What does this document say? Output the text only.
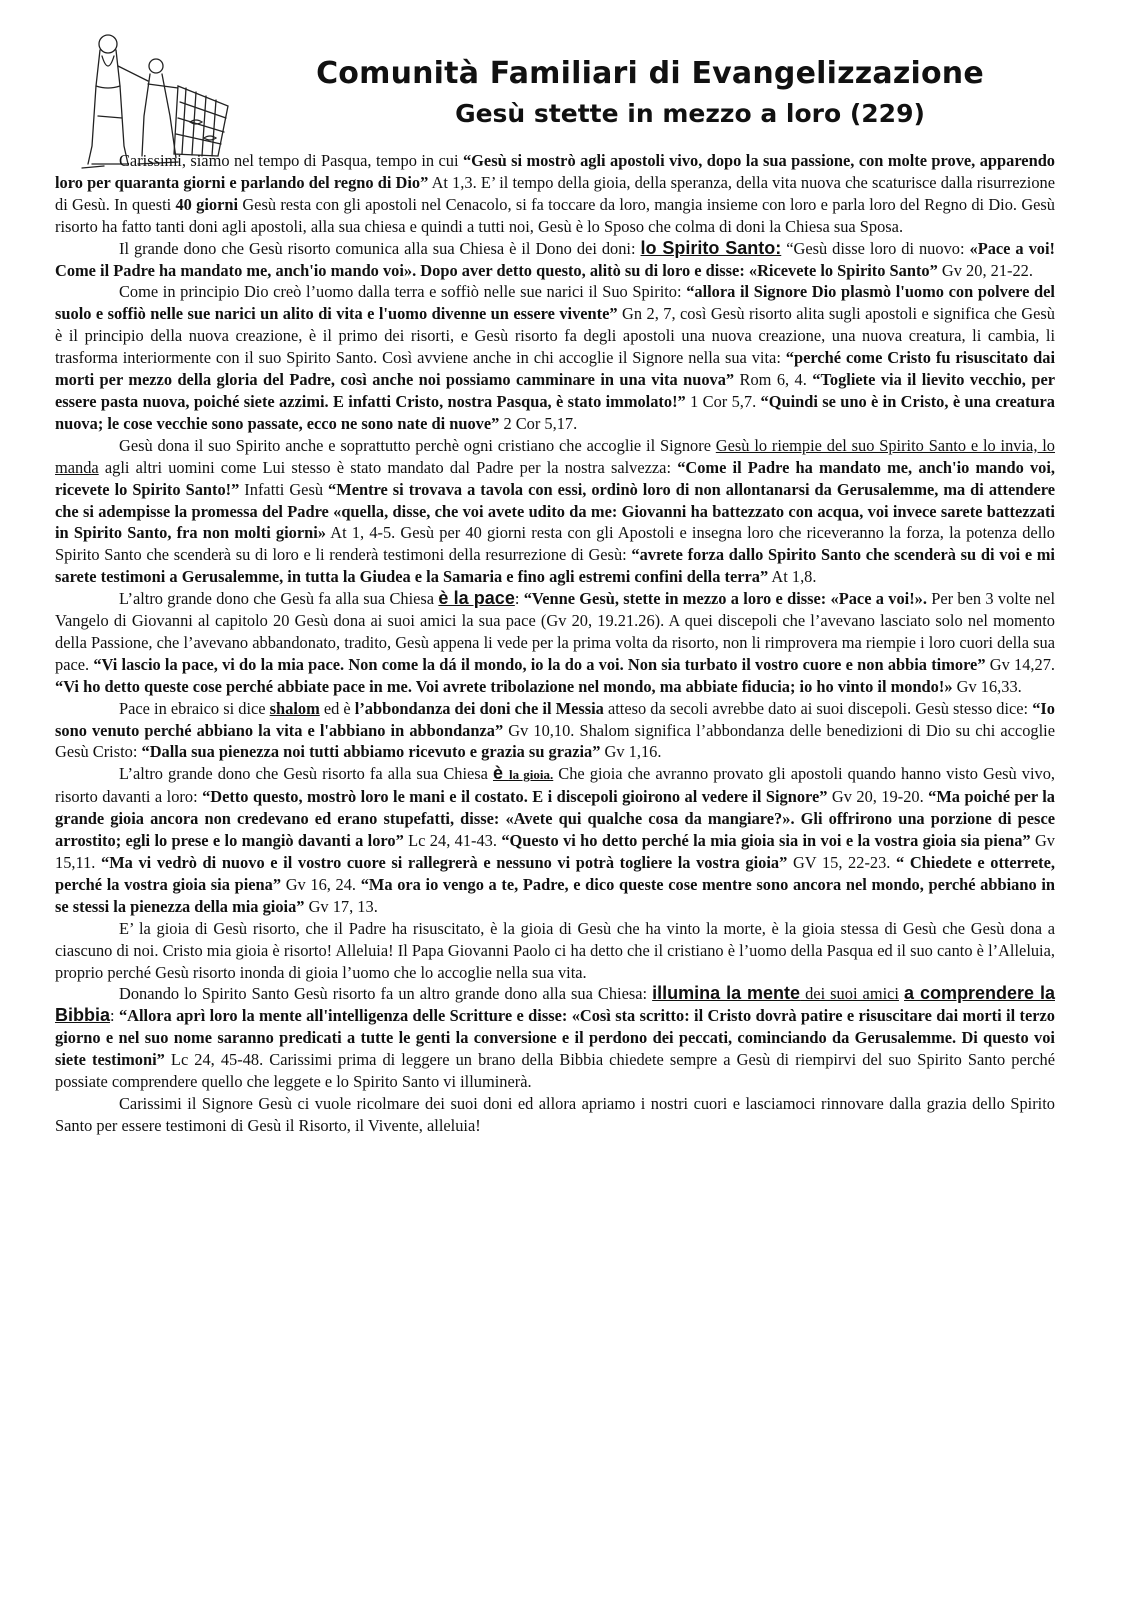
Comunità Familiari di Evangelizzazione
Gesù stette in mezzo a loro (229)

Carissimi, siamo nel tempo di Pasqua, tempo in cui “Gesù si mostrò agli apostoli vivo, dopo la sua passione, con molte prove, apparendo loro per quaranta giorni e parlando del regno di Dio” At 1,3. E’ il tempo della gioia, della speranza, della vita nuova che scaturisce dalla risurrezione di Gesù. In questi 40 giorni Gesù resta con gli apostoli nel Cenacolo, si fa toccare da loro, mangia insieme con loro e parla loro del Regno di Dio. Gesù risorto ha fatto tanti doni agli apostoli, alla sua chiesa e quindi a tutti noi, Gesù è lo Sposo che colma di doni la Chiesa sua Sposa.

Il grande dono che Gesù risorto comunica alla sua Chiesa è il Dono dei doni: lo Spirito Santo: “Gesù disse loro di nuovo: «Pace a voi! Come il Padre ha mandato me, anch'io mando voi». Dopo aver detto questo, alitò su di loro e disse: «Ricevete lo Spirito Santo” Gv 20, 21-22.

Come in principio Dio creò l’uomo dalla terra e soffiò nelle sue narici il Suo Spirito: “allora il Signore Dio plasmò l'uomo con polvere del suolo e soffiò nelle sue narici un alito di vita e l'uomo divenne un essere vivente” Gn 2, 7, così Gesù risorto alita sugli apostoli e significa che Gesù è il principio della nuova creazione, è il primo dei risorti, e Gesù risorto fa degli apostoli una nuova creazione, una nuova creatura, li cambia, li trasforma interiormente con il suo Spirito Santo. Così avviene anche in chi accoglie il Signore nella sua vita: “perché come Cristo fu risuscitato dai morti per mezzo della gloria del Padre, così anche noi possiamo camminare in una vita nuova” Rom 6, 4. “Togliete via il lievito vecchio, per essere pasta nuova, poiché siete azzimi. E infatti Cristo, nostra Pasqua, è stato immolato!” 1 Cor 5,7. “Quindi se uno è in Cristo, è una creatura nuova; le cose vecchie sono passate, ecco ne sono nate di nuove” 2 Cor 5,17.

Gesù dona il suo Spirito anche e soprattutto perchè ogni cristiano che accoglie il Signore Gesù lo riempie del suo Spirito Santo e lo invia, lo manda agli altri uomini come Lui stesso è stato mandato dal Padre per la nostra salvezza: “Come il Padre ha mandato me, anch'io mando voi, ricevete lo Spirito Santo!” Infatti Gesù “Mentre si trovava a tavola con essi, ordinò loro di non allontanarsi da Gerusalemme, ma di attendere che si adempisse la promessa del Padre «quella, disse, che voi avete udito da me: Giovanni ha battezzato con acqua, voi invece sarete battezzati in Spirito Santo, fra non molti giorni» At 1, 4-5. Gesù per 40 giorni resta con gli Apostoli e insegna loro che riceveranno la forza, la potenza dello Spirito Santo che scenderà su di loro e li renderà testimoni della resurrezione di Gesù: “avrete forza dallo Spirito Santo che scenderà su di voi e mi sarete testimoni a Gerusalemme, in tutta la Giudea e la Samaria e fino agli estremi confini della terra” At 1,8.

L’altro grande dono che Gesù fa alla sua Chiesa è la pace: “Venne Gesù, stette in mezzo a loro e disse: «Pace a voi!». Per ben 3 volte nel Vangelo di Giovanni al capitolo 20 Gesù dona ai suoi amici la sua pace (Gv 20, 19.21.26). A quei discepoli che l’avevano lasciato solo nel momento della Passione, che l’avevano abbandonato, tradito, Gesù appena li vede per la prima volta da risorto, non li rimprovera ma riempie i loro cuori della sua pace. “Vi lascio la pace, vi do la mia pace. Non come la dá il mondo, io la do a voi. Non sia turbato il vostro cuore e non abbia timore” Gv 14,27. “Vi ho detto queste cose perché abbiate pace in me. Voi avrete tribolazione nel mondo, ma abbiate fiducia; io ho vinto il mondo!» Gv 16,33.

Pace in ebraico si dice shalom ed è l’abbondanza dei doni che il Messia atteso da secoli avrebbe dato ai suoi discepoli. Gesù stesso dice: “Io sono venuto perché abbiano la vita e l'abbiano in abbondanza” Gv 10,10. Shalom significa l’abbondanza delle benedizioni di Dio su chi accoglie Gesù Cristo: “Dalla sua pienezza noi tutti abbiamo ricevuto e grazia su grazia” Gv 1,16.

L’altro grande dono che Gesù risorto fa alla sua Chiesa è la gioia. Che gioia che avranno provato gli apostoli quando hanno visto Gesù vivo, risorto davanti a loro: “Detto questo, mostrò loro le mani e il costato. E i discepoli gioirono al vedere il Signore” Gv 20, 19-20. “Ma poiché per la grande gioia ancora non credevano ed erano stupefatti, disse: «Avete qui qualche cosa da mangiare?». Gli offrirono una porzione di pesce arrostito; egli lo prese e lo mangiò davanti a loro” Lc 24, 41-43. “Questo vi ho detto perché la mia gioia sia in voi e la vostra gioia sia piena” Gv 15,11. “Ma vi vedrò di nuovo e il vostro cuore si rallegrerà e nessuno vi potrà togliere la vostra gioia” GV 15, 22-23. “ Chiedete e otterrete, perché la vostra gioia sia piena” Gv 16, 24. “Ma ora io vengo a te, Padre, e dico queste cose mentre sono ancora nel mondo, perché abbiano in se stessi la pienezza della mia gioia” Gv 17, 13.

E’ la gioia di Gesù risorto, che il Padre ha risuscitato, è la gioia di Gesù che ha vinto la morte, è la gioia stessa di Gesù che Gesù dona a ciascuno di noi. Cristo mia gioia è risorto! Alleluia! Il Papa Giovanni Paolo ci ha detto che il cristiano è l’uomo della Pasqua ed il suo canto è l’Alleluia, proprio perché Gesù risorto inonda di gioia l’uomo che lo accoglie nella sua vita.

Donando lo Spirito Santo Gesù risorto fa un altro grande dono alla sua Chiesa: illumina la mente dei suoi amici a comprendere la Bibbia: “Allora aprì loro la mente all'intelligenza delle Scritture e disse: «Così sta scritto: il Cristo dovrà patire e risuscitare dai morti il terzo giorno e nel suo nome saranno predicati a tutte le genti la conversione e il perdono dei peccati, cominciando da Gerusalemme. Di questo voi siete testimoni” Lc 24, 45-48. Carissimi prima di leggere un brano della Bibbia chiedete sempre a Gesù di riempirvi del suo Spirito Santo perché possiate comprendere quello che leggete e lo Spirito Santo vi illuminerà.

Carissimi il Signore Gesù ci vuole ricolmare dei suoi doni ed allora apriamo i nostri cuori e lasciamoci rinnovare dalla grazia dello Spirito Santo per essere testimoni di Gesù il Risorto, il Vivente, alleluia!
